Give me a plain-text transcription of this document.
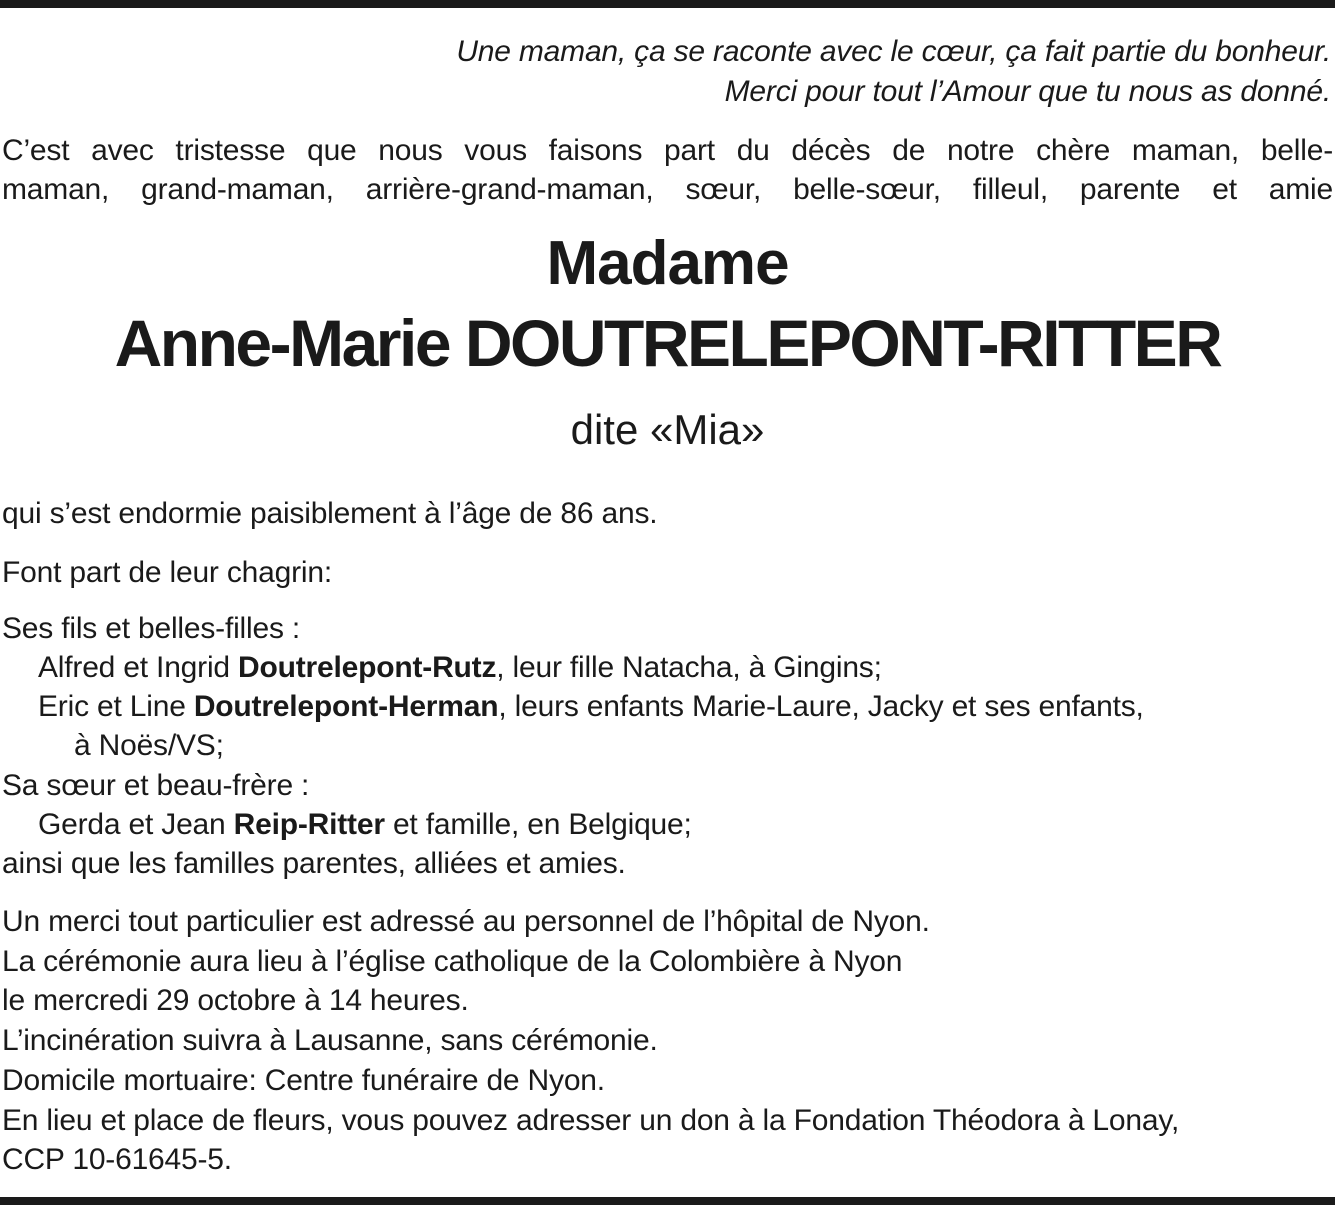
Une maman, ça se raconte avec le cœur, ça fait partie du bonheur.
Merci pour tout l’Amour que tu nous as donné.
C’est avec tristesse que nous vous faisons part du décès de notre chère maman, belle-
maman, grand-maman, arrière-grand-maman, sœur, belle-sœur, filleul, parente et amie
Madame
Anne-Marie DOUTRELEPONT-RITTER
dite «Mia»
qui s’est endormie paisiblement à l’âge de 86 ans.
Font part de leur chagrin:
Ses fils et belles-filles :
Alfred et Ingrid Doutrelepont-Rutz, leur fille Natacha, à Gingins;
Eric et Line Doutrelepont-Herman, leurs enfants Marie-Laure, Jacky et ses enfants,
à Noës/VS;
Sa sœur et beau-frère :
Gerda et Jean Reip-Ritter et famille, en Belgique;
ainsi que les familles parentes, alliées et amies.
Un merci tout particulier est adressé au personnel de l’hôpital de Nyon.
La cérémonie aura lieu à l’église catholique de la Colombière à Nyon
le mercredi 29 octobre à 14 heures.
L’incinération suivra à Lausanne, sans cérémonie.
Domicile mortuaire: Centre funéraire de Nyon.
En lieu et place de fleurs, vous pouvez adresser un don à la Fondation Théodora à Lonay,
CCP 10-61645-5.
